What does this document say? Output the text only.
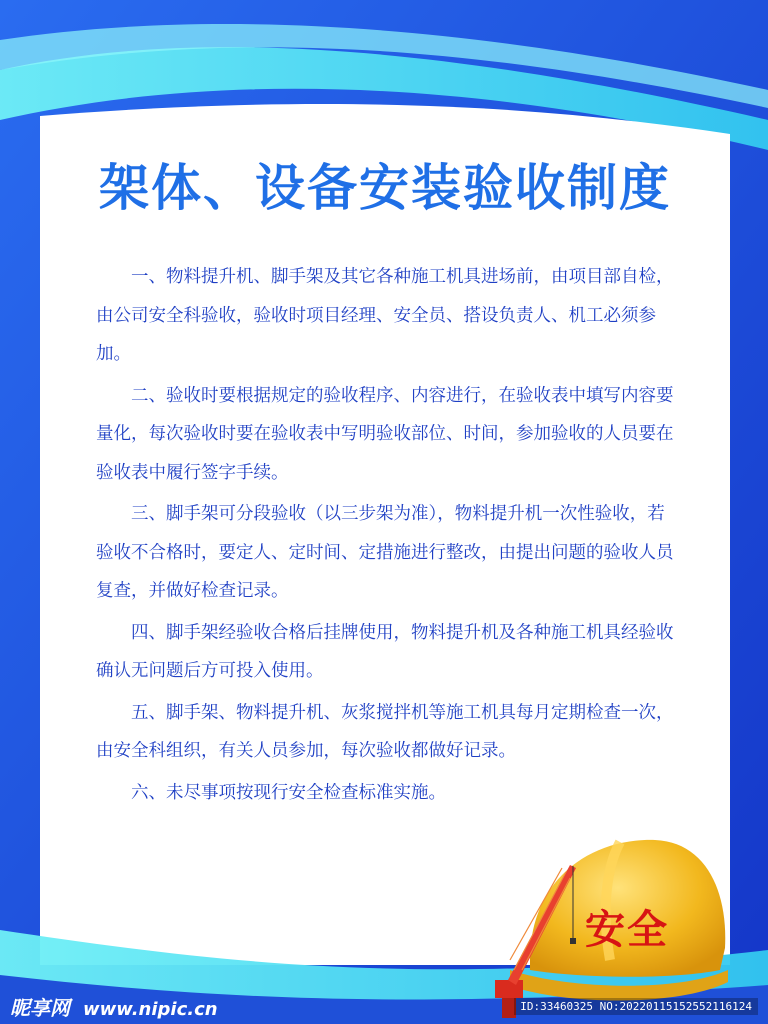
架体、设备安装验收制度

一、物料提升机、脚手架及其它各种施工机具进场前，由项目部自检，由公司安全科验收，验收时项目经理、安全员、搭设负责人、机工必须参加。

二、验收时要根据规定的验收程序、内容进行，在验收表中填写内容要量化，每次验收时要在验收表中写明验收部位、时间，参加验收的人员要在验收表中履行签字手续。

三、脚手架可分段验收（以三步架为准），物料提升机一次性验收，若验收不合格时，要定人、定时间、定措施进行整改，由提出问题的验收人员复查，并做好检查记录。

四、脚手架经验收合格后挂牌使用，物料提升机及各种施工机具经验收确认无问题后方可投入使用。

五、脚手架、物料提升机、灰浆搅拌机等施工机具每月定期检查一次，由安全科组织，有关人员参加，每次验收都做好记录。

六、未尽事项按现行安全检查标准实施。

安全
昵享网 www.nipic.cn	ID:33460325 NO:20220115152552116124
